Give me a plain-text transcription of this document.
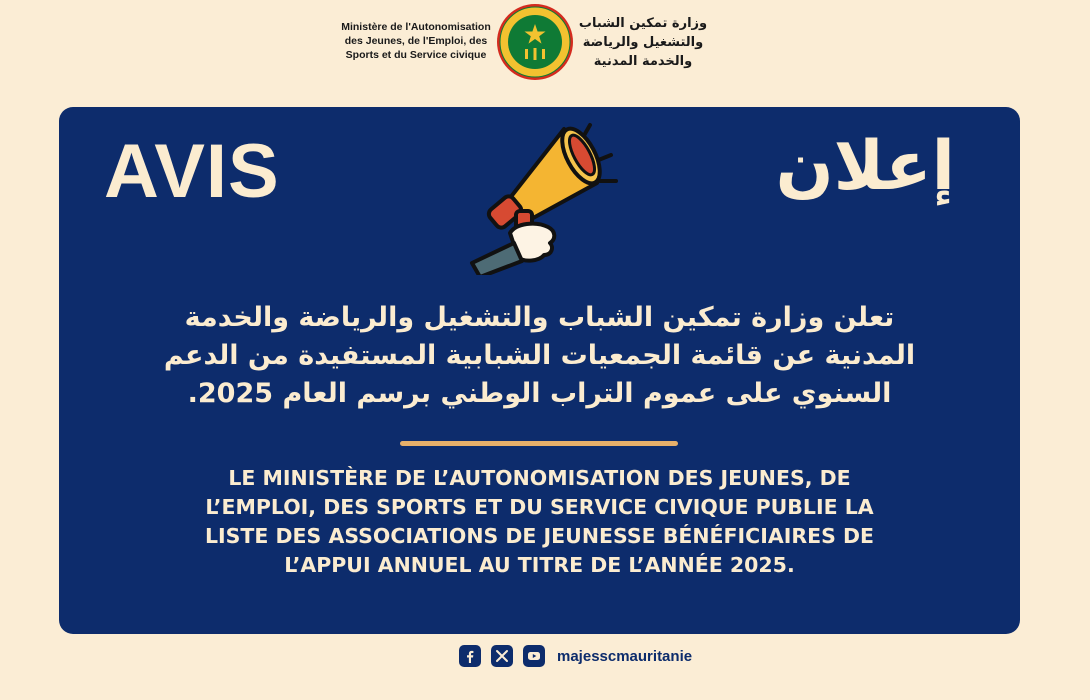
Ministère de l'Autonomisation
des Jeunes, de l'Emploi, des
Sports et du Service civique
وزارة تمكين الشباب
والتشغيل والرياضة
والخدمة المدنية
AVIS	إعلان
تعلن وزارة تمكين الشباب والتشغيل والرياضة والخدمة
المدنية عن قائمة الجمعيات الشبابية المستفيدة من الدعم
السنوي على عموم التراب الوطني برسم العام 2025.
LE MINISTÈRE DE L’AUTONOMISATION DES JEUNES, DE
L’EMPLOI, DES SPORTS ET DU SERVICE CIVIQUE PUBLIE LA
LISTE DES ASSOCIATIONS DE JEUNESSE BÉNÉFICIAIRES DE
L’APPUI ANNUEL AU TITRE DE L’ANNÉE 2025.
majesscmauritanie
